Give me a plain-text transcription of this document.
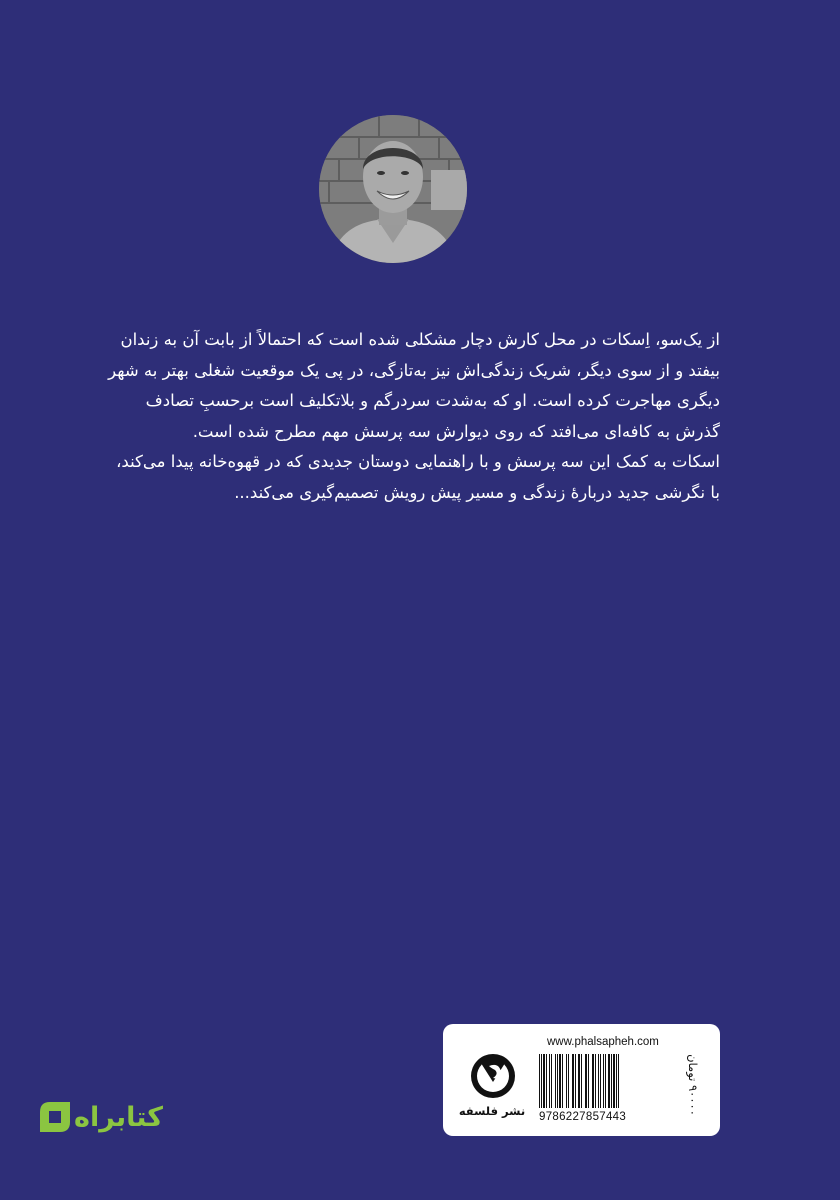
از یک‌سو، اِسکات در محل کارش دچار مشکلی شده است که احتمالاً از بابت آن به زندان

بیفتد و از سوی دیگر، شریک زندگی‌اش نیز به‌تازگی، در پی یک موقعیت شغلی بهتر به شهر

دیگری مهاجرت کرده است. او که به‌شدت سردرگم و بلاتکلیف است برحسبِ تصادف

گذرش به کافه‌ای می‌افتد که روی دیوارش سه پرسش مهم مطرح شده است.

اسکات به کمک این سه پرسش و با راهنمایی دوستان جدیدی که در قهوه‌خانه پیدا می‌کند،

با نگرشی جدید دربارهٔ زندگی و مسیر پیش رویش تصمیم‌گیری می‌کند...

نشر فلسفه
www.phalsapheh.com
9786227857443
۹۰۰۰۰ تومان
کتابراه
